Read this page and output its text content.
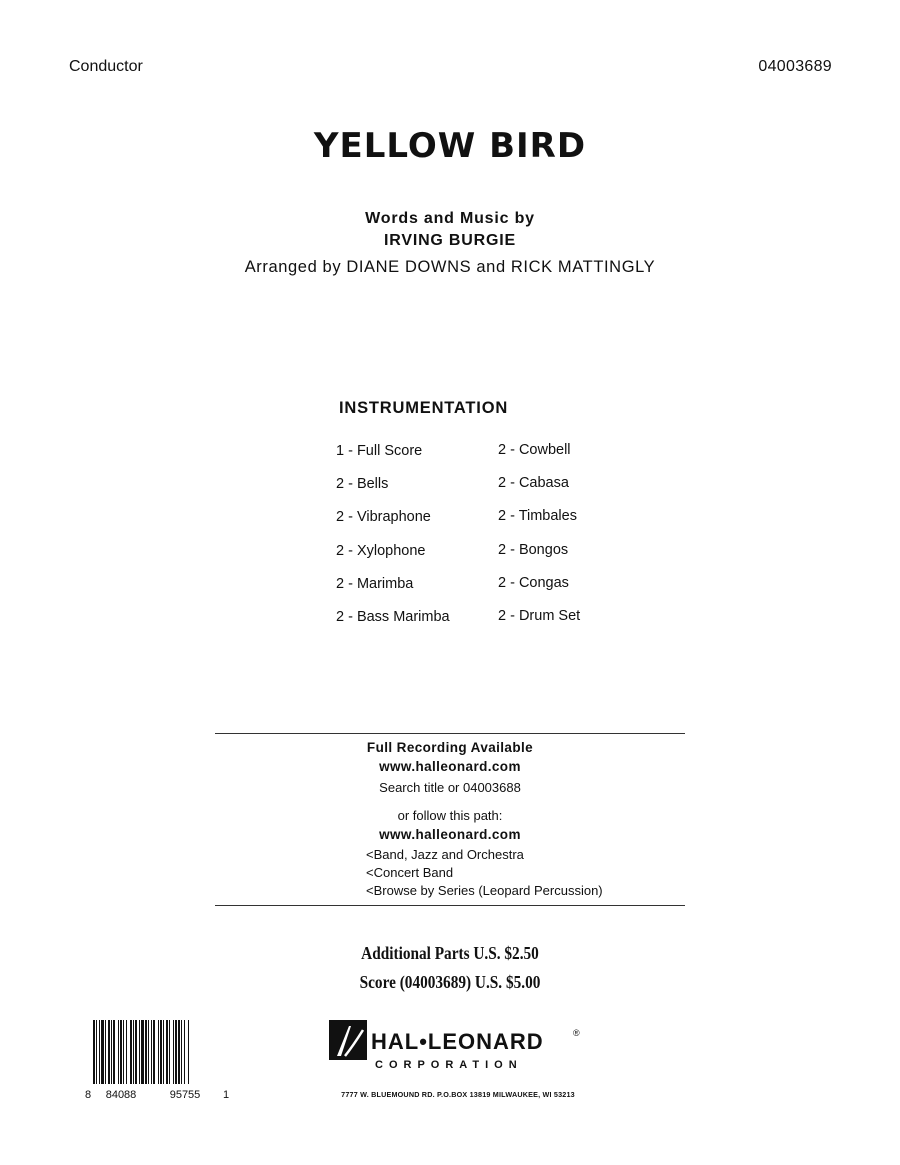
Conductor	04003689
YELLOW BIRD
Words and Music by
IRVING BURGIE
Arranged by DIANE DOWNS and RICK MATTINGLY
INSTRUMENTATION
1 - Full Score
2 - Bells
2 - Vibraphone
2 - Xylophone
2 - Marimba
2 - Bass Marimba
2 - Cowbell
2 - Cabasa
2 - Timbales
2 - Bongos
2 - Congas
2 - Drum Set
Full Recording Available
www.halleonard.com
Search title or 04003688
or follow this path:
www.halleonard.com
<Band, Jazz and Orchestra
<Concert Band
<Browse by Series (Leopard Percussion)
Additional Parts U.S. $2.50
Score (04003689) U.S. $5.00
8 84088	95755 1
HAL•LEONARD	®
CORPORATION
7777 W. BLUEMOUND RD. P.O.BOX 13819 MILWAUKEE, WI 53213
